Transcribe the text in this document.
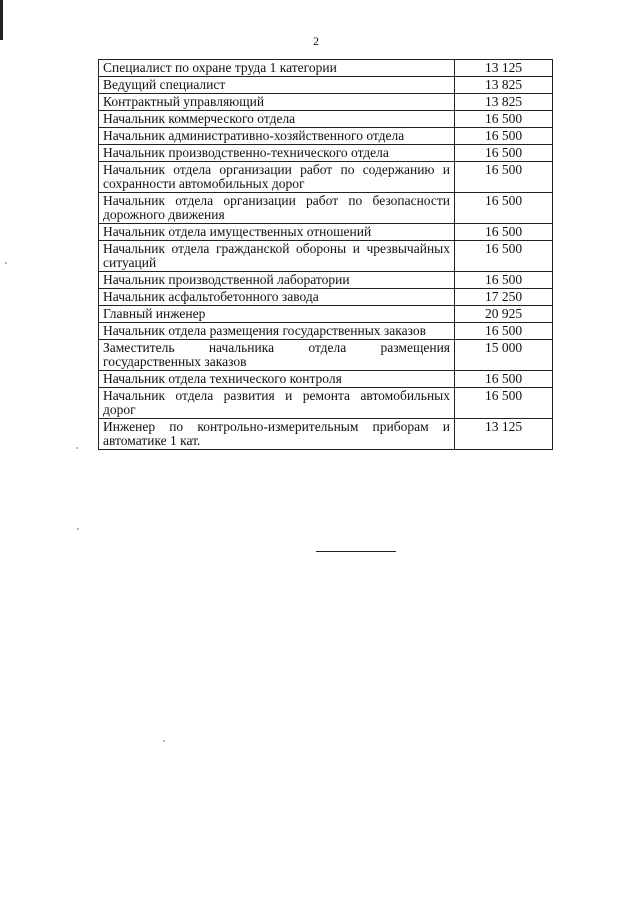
2
Специалист по охране труда 1 категории	13 125
Ведущий специалист	13 825
Контрактный управляющий	13 825
Начальник коммерческого отдела	16 500
Начальник административно-хозяйственного отдела	16 500
Начальник производственно-технического отдела	16 500
Начальник отдела организации работ по содержанию и сохранности автомобильных дорог	16 500
Начальник отдела организации работ по безопасности дорожного движения	16 500
Начальник отдела имущественных отношений	16 500
Начальник отдела гражданской обороны и чрезвычайных ситуаций	16 500
Начальник производственной лаборатории	16 500
Начальник асфальтобетонного завода	17 250
Главный инженер	20 925
Начальник отдела размещения государственных заказов	16 500
Заместитель начальника отдела размещения государственных заказов	15 000
Начальник отдела технического контроля	16 500
Начальник отдела развития и ремонта автомобильных дорог	16 500
Инженер по контрольно-измерительным приборам и автоматике 1 кат.	13 125
